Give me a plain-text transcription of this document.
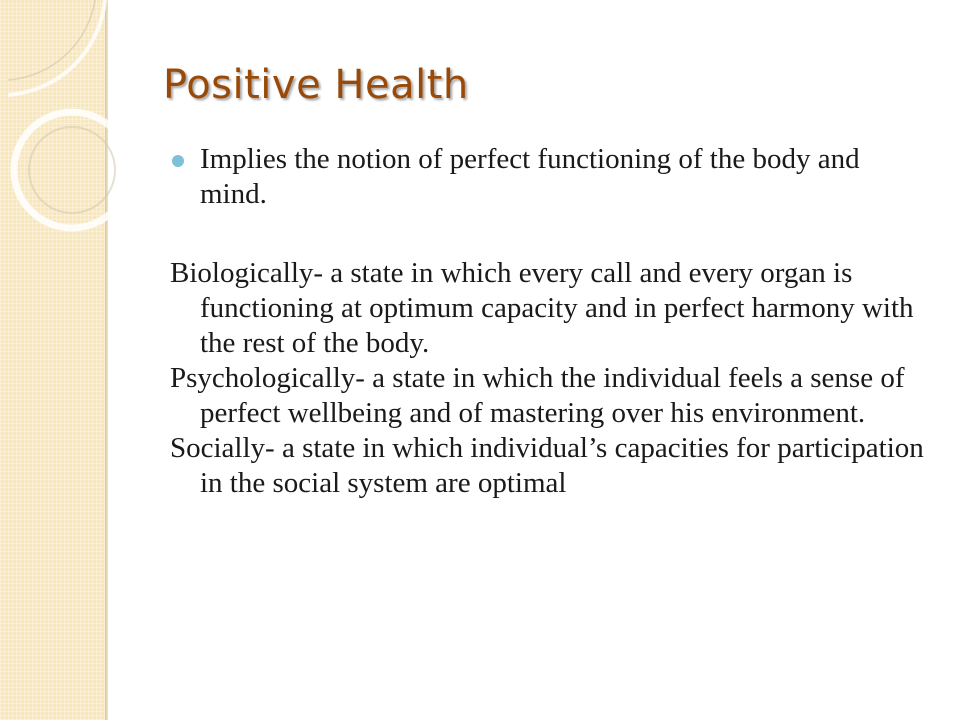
Positive Health
Implies the notion of perfect functioning of the body and mind.

Biologically- a state in which every call and every organ is functioning at optimum capacity and in perfect harmony with the rest of the body.

Psychologically- a state in which the individual feels a sense of perfect wellbeing and of mastering over his environment.

Socially- a state in which individual’s capacities for participation in the social system are optimal
